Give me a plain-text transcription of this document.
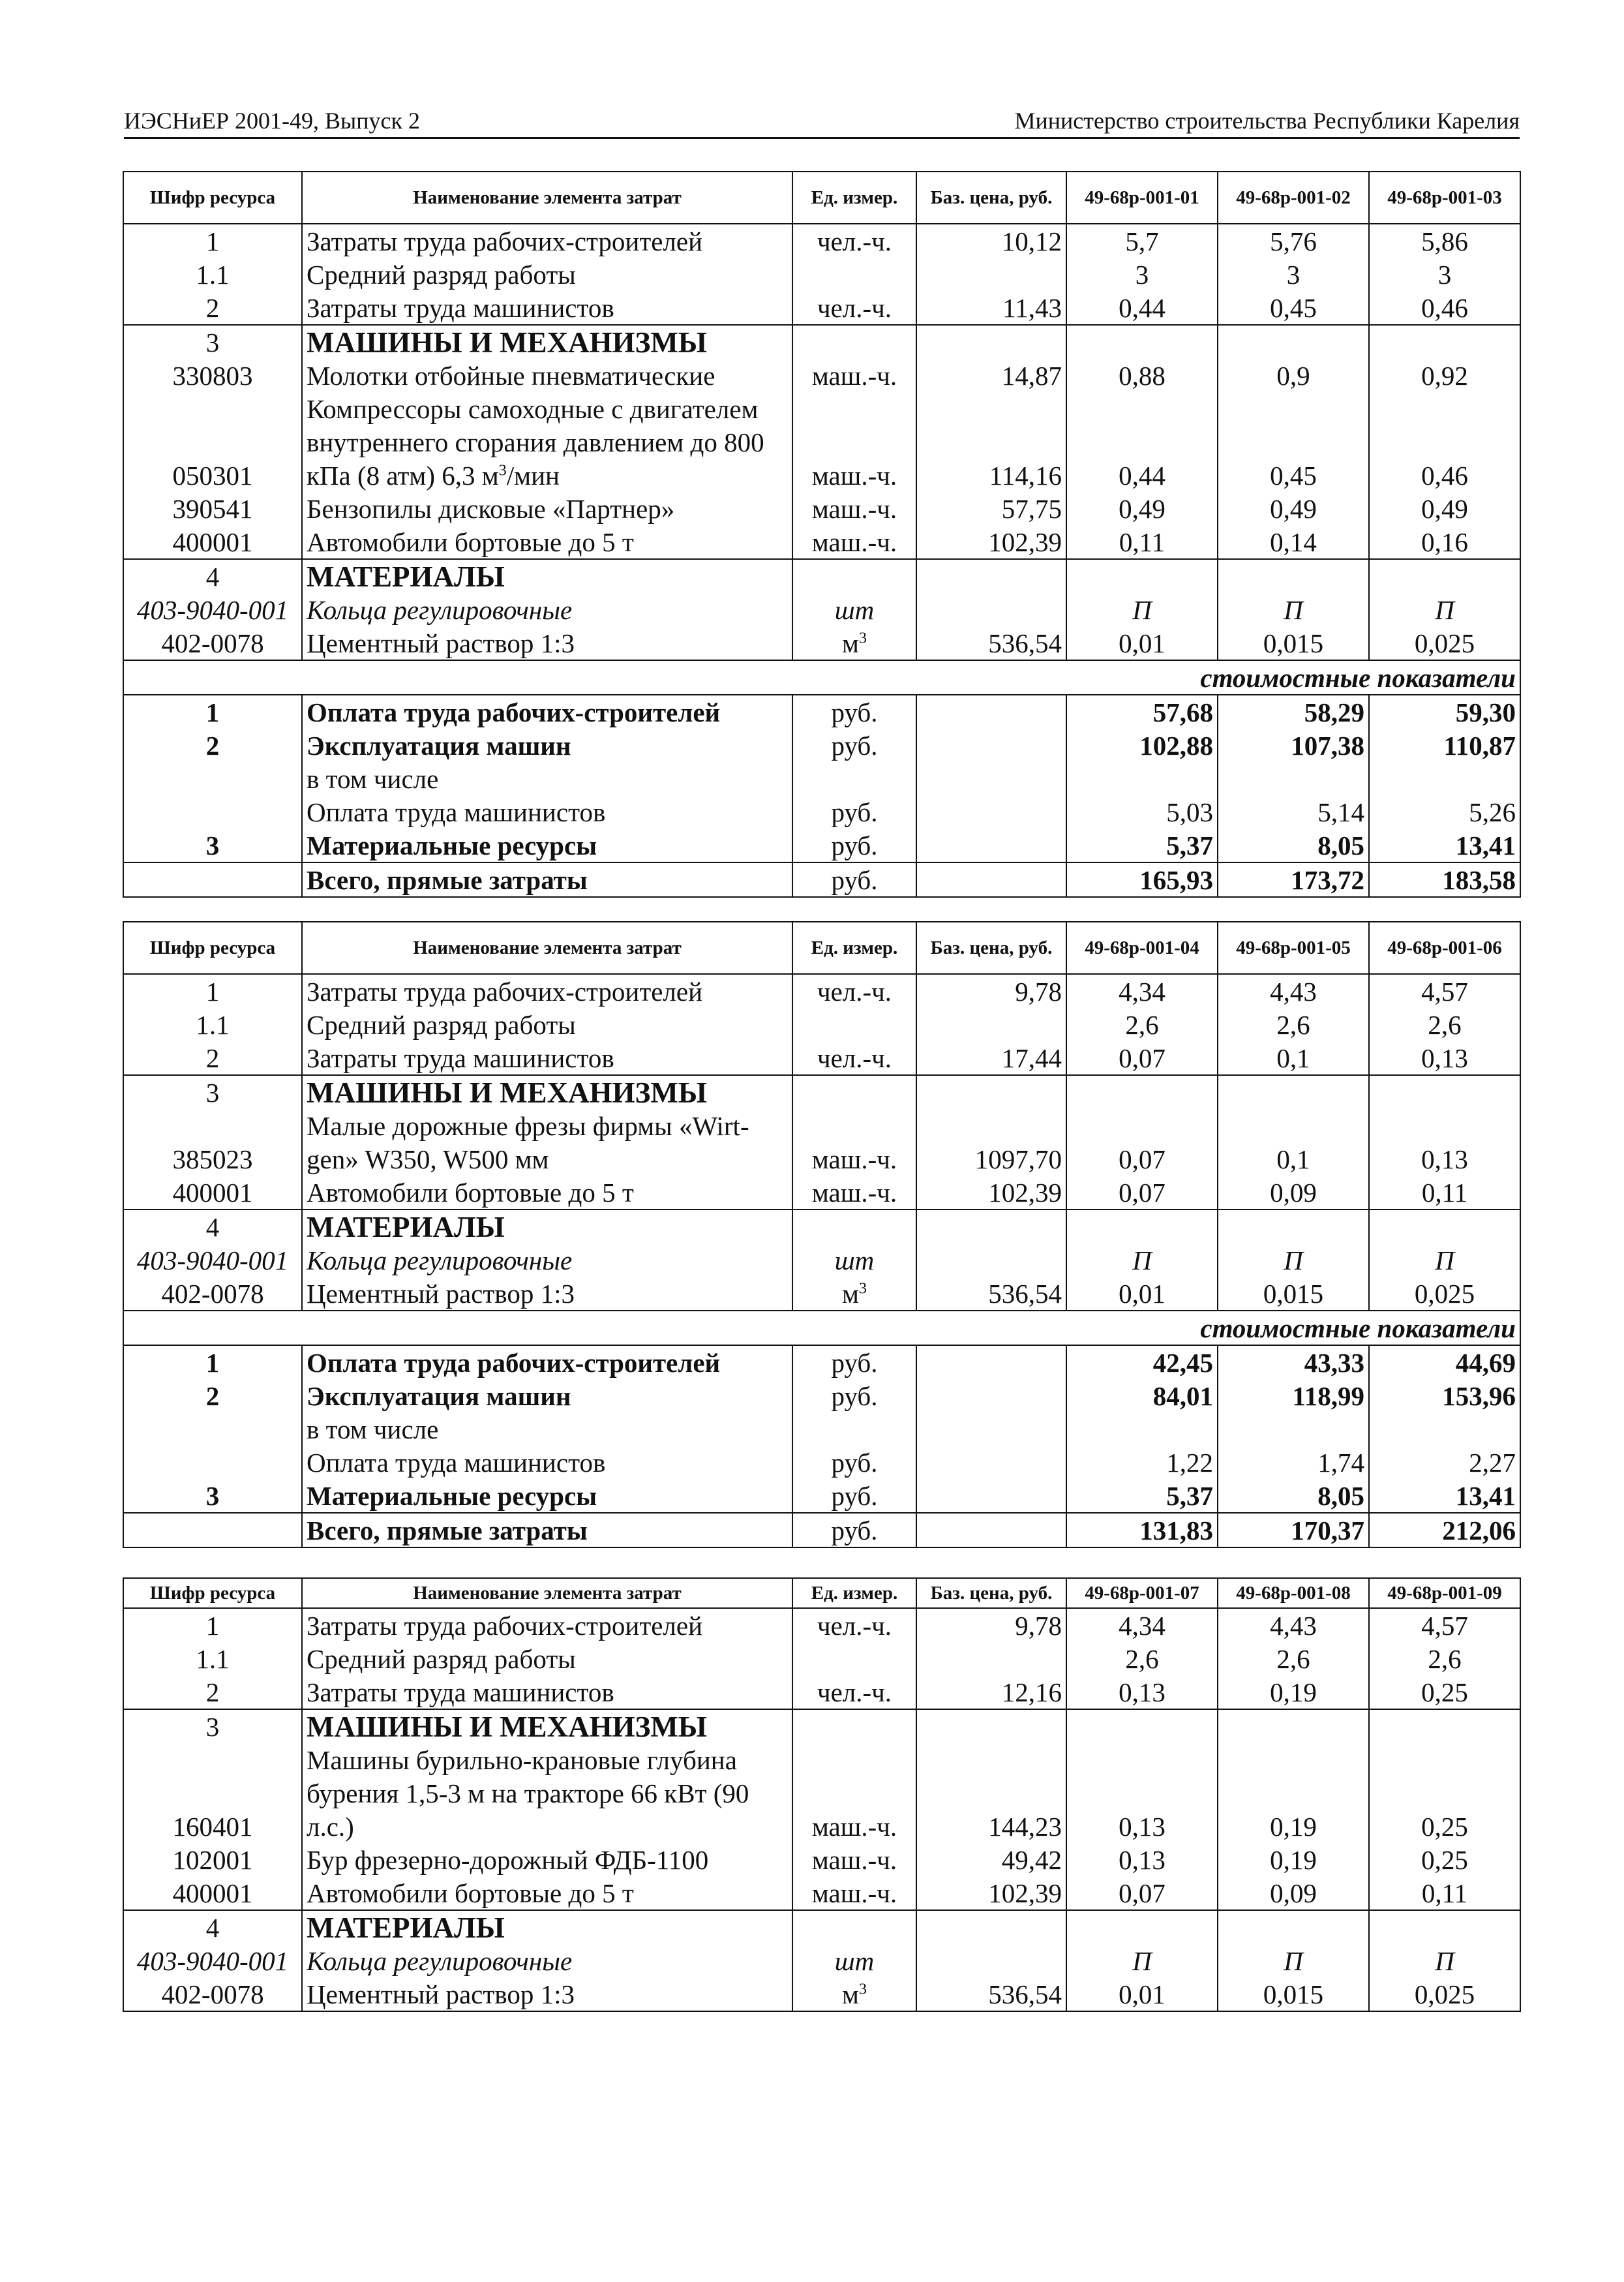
ИЭСНиЕР 2001-49, Выпуск 2	Министерство строительства Республики Карелия
Шифр ресурса	Наименование элемента затрат	Ед. измер.	Баз. цена, руб.	49-68р-001-01	49-68р-001-02	49-68р-001-03
1	Затраты труда рабочих-строителей	чел.-ч.	10,12	5,7	5,76	5,86
1.1	Средний разряд работы			3	3	3
2	Затраты труда машинистов	чел.-ч.	11,43	0,44	0,45	0,46
3	МАШИНЫ И МЕХАНИЗМЫ					
330803	Молотки отбойные пневматические	маш.-ч.	14,87	0,88	0,9	0,92
	Компрессоры самоходные с двигателем					
	внутреннего сгорания давлением до 800					
050301	кПа (8 атм) 6,3 $м^3$/мин	маш.-ч.	114,16	0,44	0,45	0,46
390541	Бензопилы дисковые «Партнер»	маш.-ч.	57,75	0,49	0,49	0,49
400001	Автомобили бортовые до 5 т	маш.-ч.	102,39	0,11	0,14	0,16
4	МАТЕРИАЛЫ					
403-9040-001	Кольца регулировочные	шт		П	П	П
402-0078	Цементный раствор 1:3	$м^3$	536,54	0,01	0,015	0,025
стоимостные показатели						
1	Оплата труда рабочих-строителей	руб.		57,68	58,29	59,30
2	Эксплуатация машин	руб.		102,88	107,38	110,87
	в том числе					
	Оплата труда машинистов	руб.		5,03	5,14	5,26
3	Материальные ресурсы	руб.		5,37	8,05	13,41
	Всего, прямые затраты	руб.		165,93	173,72	183,58
Шифр ресурса	Наименование элемента затрат	Ед. измер.	Баз. цена, руб.	49-68р-001-04	49-68р-001-05	49-68р-001-06
1	Затраты труда рабочих-строителей	чел.-ч.	9,78	4,34	4,43	4,57
1.1	Средний разряд работы			2,6	2,6	2,6
2	Затраты труда машинистов	чел.-ч.	17,44	0,07	0,1	0,13
3	МАШИНЫ И МЕХАНИЗМЫ					
	Малые дорожные фрезы фирмы «Wirt-					
385023	gen» W350, W500 мм	маш.-ч.	1097,70	0,07	0,1	0,13
400001	Автомобили бортовые до 5 т	маш.-ч.	102,39	0,07	0,09	0,11
4	МАТЕРИАЛЫ					
403-9040-001	Кольца регулировочные	шт		П	П	П
402-0078	Цементный раствор 1:3	$м^3$	536,54	0,01	0,015	0,025
стоимостные показатели						
1	Оплата труда рабочих-строителей	руб.		42,45	43,33	44,69
2	Эксплуатация машин	руб.		84,01	118,99	153,96
	в том числе					
	Оплата труда машинистов	руб.		1,22	1,74	2,27
3	Материальные ресурсы	руб.		5,37	8,05	13,41
	Всего, прямые затраты	руб.		131,83	170,37	212,06
Шифр ресурса	Наименование элемента затрат	Ед. измер.	Баз. цена, руб.	49-68р-001-07	49-68р-001-08	49-68р-001-09
1	Затраты труда рабочих-строителей	чел.-ч.	9,78	4,34	4,43	4,57
1.1	Средний разряд работы			2,6	2,6	2,6
2	Затраты труда машинистов	чел.-ч.	12,16	0,13	0,19	0,25
3	МАШИНЫ И МЕХАНИЗМЫ					
	Машины бурильно-крановые глубина					
	бурения 1,5-3 м на тракторе 66 кВт (90					
160401	л.с.)	маш.-ч.	144,23	0,13	0,19	0,25
102001	Бур фрезерно-дорожный ФДБ-1100	маш.-ч.	49,42	0,13	0,19	0,25
400001	Автомобили бортовые до 5 т	маш.-ч.	102,39	0,07	0,09	0,11
4	МАТЕРИАЛЫ					
403-9040-001	Кольца регулировочные	шт		П	П	П
402-0078	Цементный раствор 1:3	$м^3$	536,54	0,01	0,015	0,025
